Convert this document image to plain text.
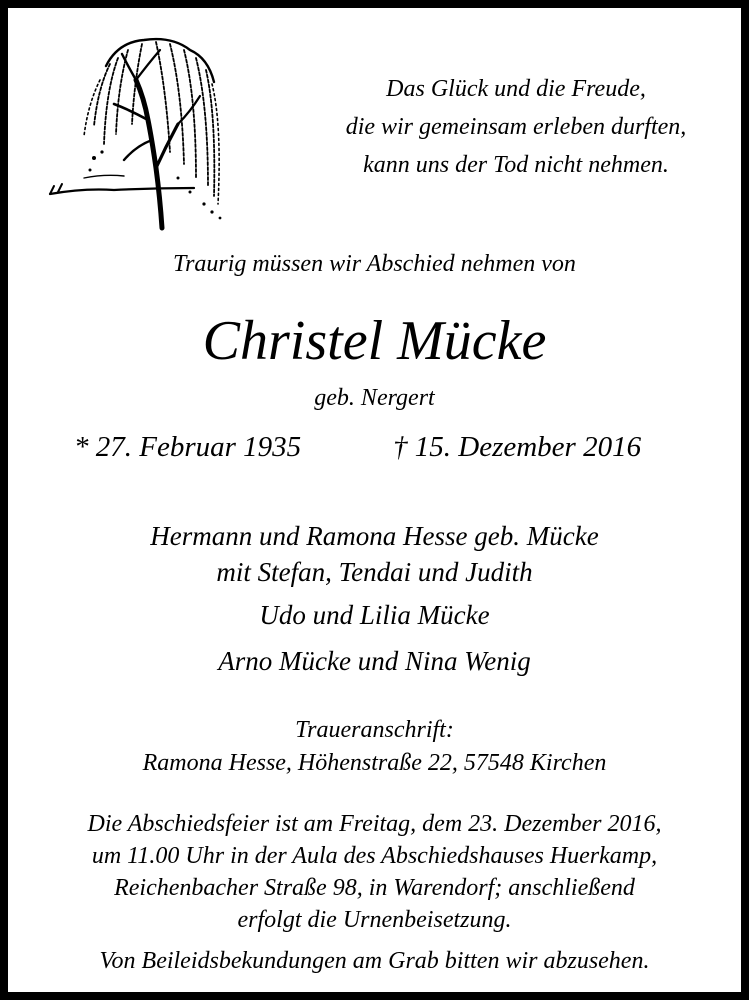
Das Glück und die Freude,
die wir gemeinsam erleben durften,
kann uns der Tod nicht nehmen.
Traurig müssen wir Abschied nehmen von
Christel Mücke
geb. Nergert
* 27. Februar 1935	† 15. Dezember 2016
Hermann und Ramona Hesse geb. Mücke
mit Stefan, Tendai und Judith
Udo und Lilia Mücke
Arno Mücke und Nina Wenig
Traueranschrift:
Ramona Hesse, Höhenstraße 22, 57548 Kirchen
Die Abschiedsfeier ist am Freitag, dem 23. Dezember 2016,
um 11.00 Uhr in der Aula des Abschiedshauses Huerkamp,
Reichenbacher Straße 98, in Warendorf; anschließend
erfolgt die Urnenbeisetzung.
Von Beileidsbekundungen am Grab bitten wir abzusehen.
